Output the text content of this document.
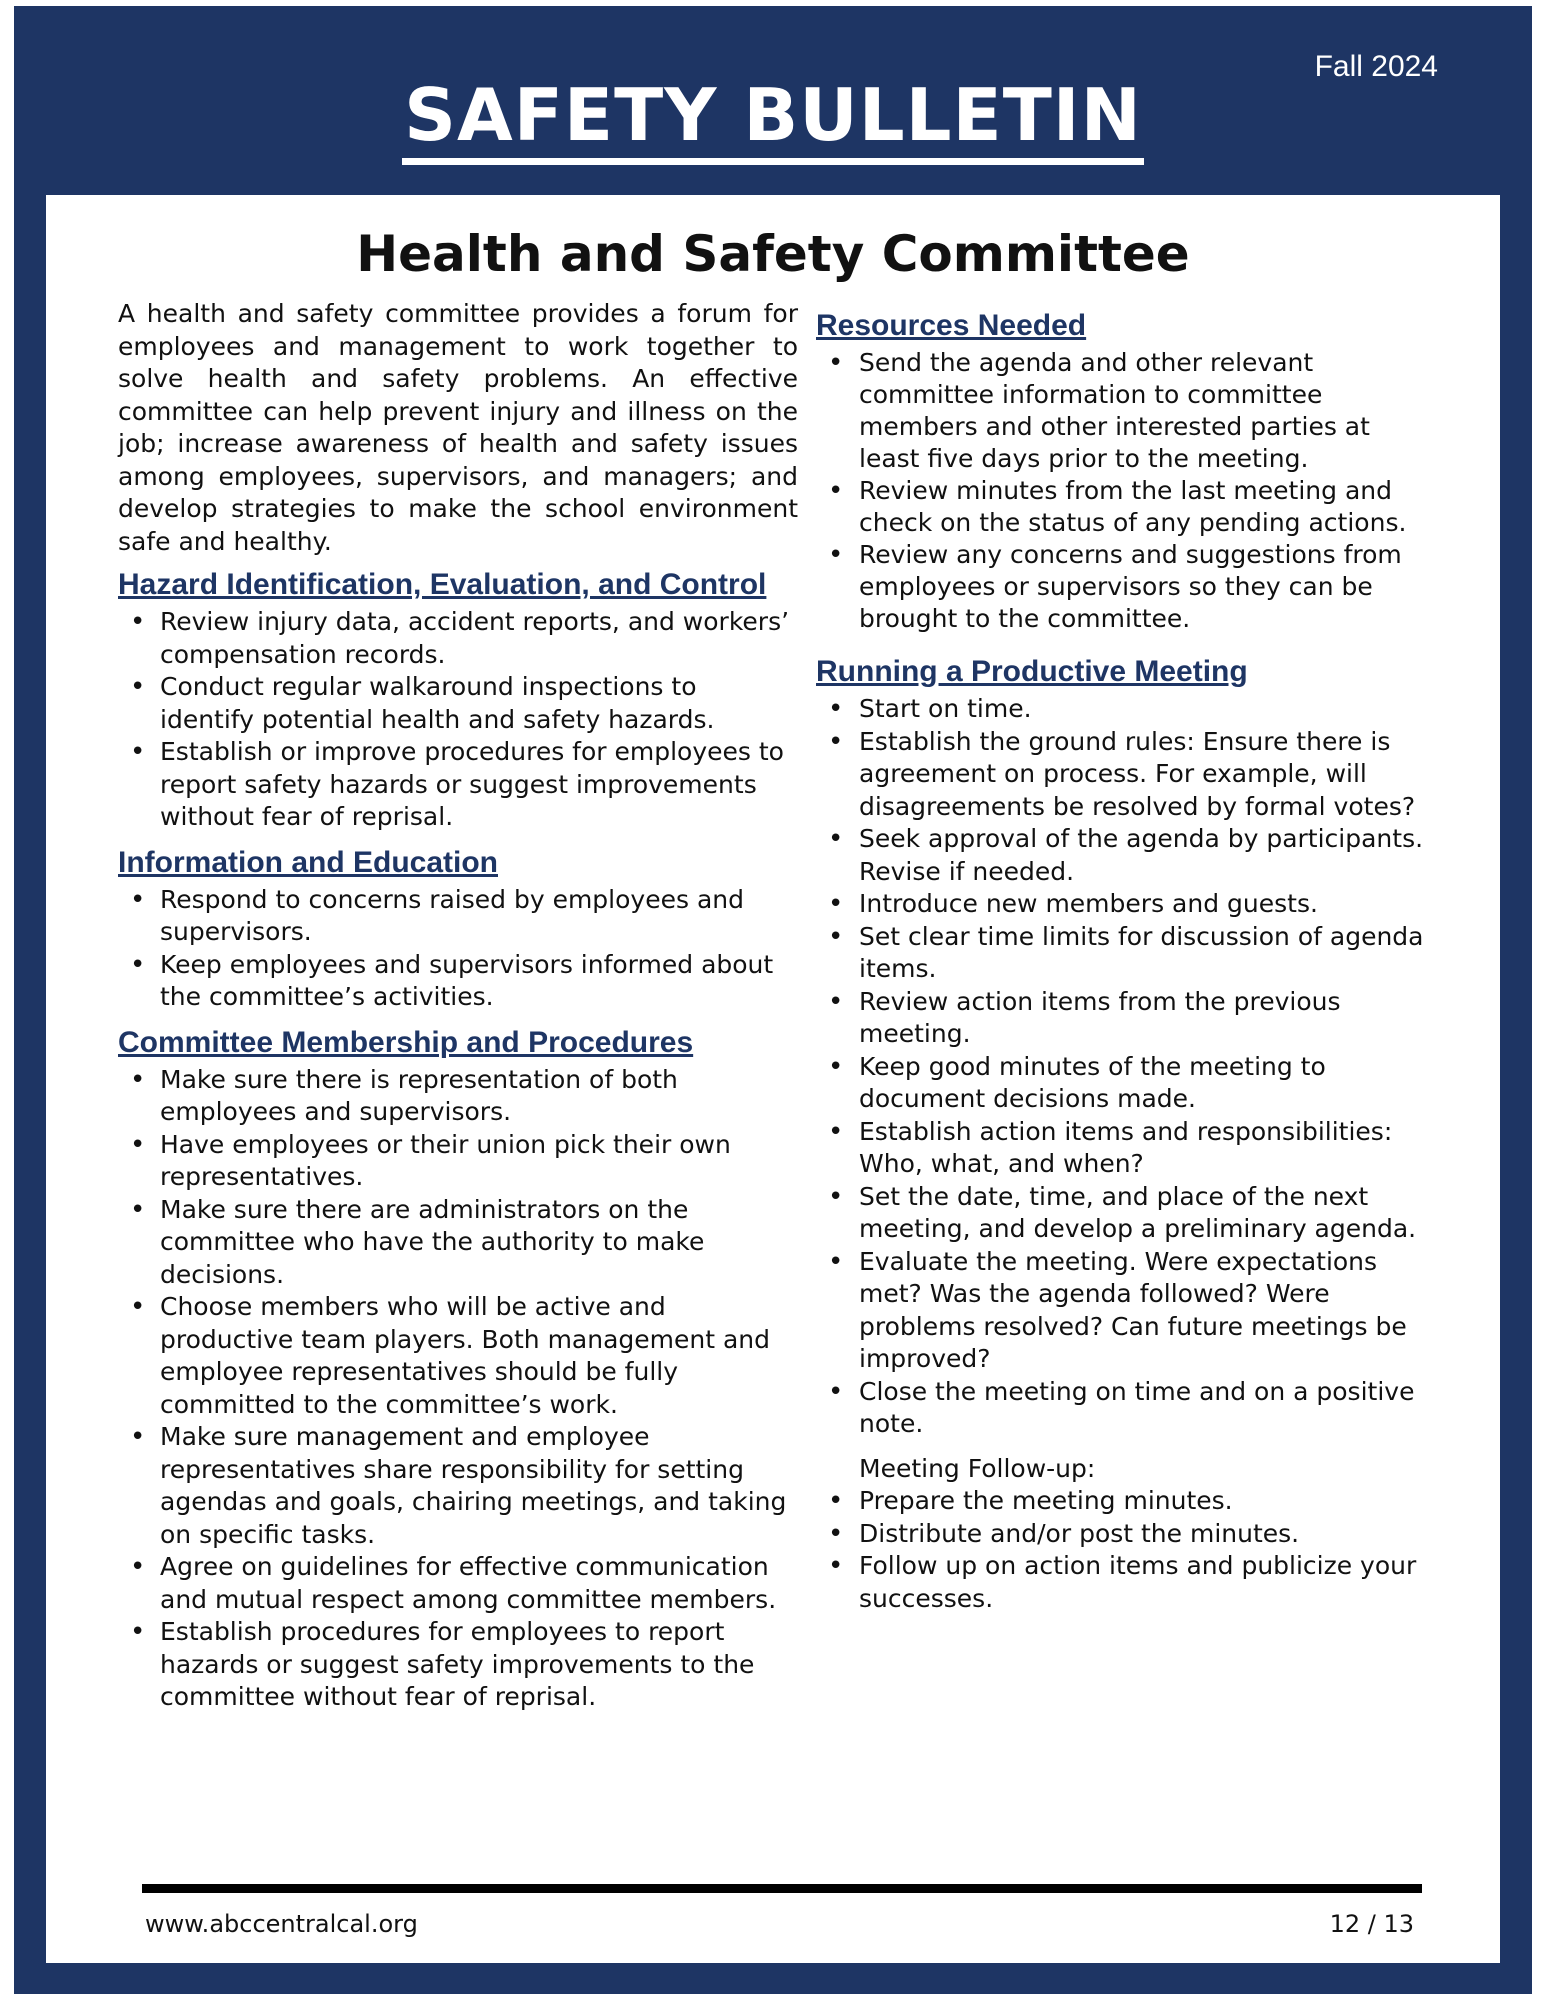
Fall 2024
SAFETY BULLETIN
Health and Safety Committee

A health and safety committee provides a forum for employees and management to work together to solve health and safety problems. An effective committee can help prevent injury and illness on the job; increase awareness of health and safety issues among employees, supervisors, and managers; and develop strategies to make the school environment safe and healthy.

Hazard Identification, Evaluation, and Control
• Review injury data, accident reports, and workers’ compensation records.
• Conduct regular walkaround inspections to identify potential health and safety hazards.
• Establish or improve procedures for employees to report safety hazards or suggest improvements without fear of reprisal.
Information and Education
• Respond to concerns raised by employees and supervisors.
• Keep employees and supervisors informed about the committee’s activities.
Committee Membership and Procedures
• Make sure there is representation of both employees and supervisors.
• Have employees or their union pick their own representatives.
• Make sure there are administrators on the committee who have the authority to make decisions.
• Choose members who will be active and productive team players. Both management and employee representatives should be fully committed to the committee’s work.
• Make sure management and employee representatives share responsibility for setting agendas and goals, chairing meetings, and taking on specific tasks.
• Agree on guidelines for effective communication and mutual respect among committee members.
• Establish procedures for employees to report hazards or suggest safety improvements to the committee without fear of reprisal.
Resources Needed
• Send the agenda and other relevant committee information to committee members and other interested parties at least five days prior to the meeting.
• Review minutes from the last meeting and check on the status of any pending actions.
• Review any concerns and suggestions from employees or supervisors so they can be brought to the committee.
Running a Productive Meeting
• Start on time.
• Establish the ground rules: Ensure there is agreement on process. For example, will disagreements be resolved by formal votes?
• Seek approval of the agenda by participants. Revise if needed.
• Introduce new members and guests.
• Set clear time limits for discussion of agenda items.
• Review action items from the previous meeting.
• Keep good minutes of the meeting to document decisions made.
• Establish action items and responsibilities: Who, what, and when?
• Set the date, time, and place of the next meeting, and develop a preliminary agenda.
• Evaluate the meeting. Were expectations met? Was the agenda followed? Were problems resolved? Can future meetings be improved?
• Close the meeting on time and on a positive note.
Meeting Follow-up:
• Prepare the meeting minutes.
• Distribute and/or post the minutes.
• Follow up on action items and publicize your successes.
www.abccentralcal.org	12 / 13
